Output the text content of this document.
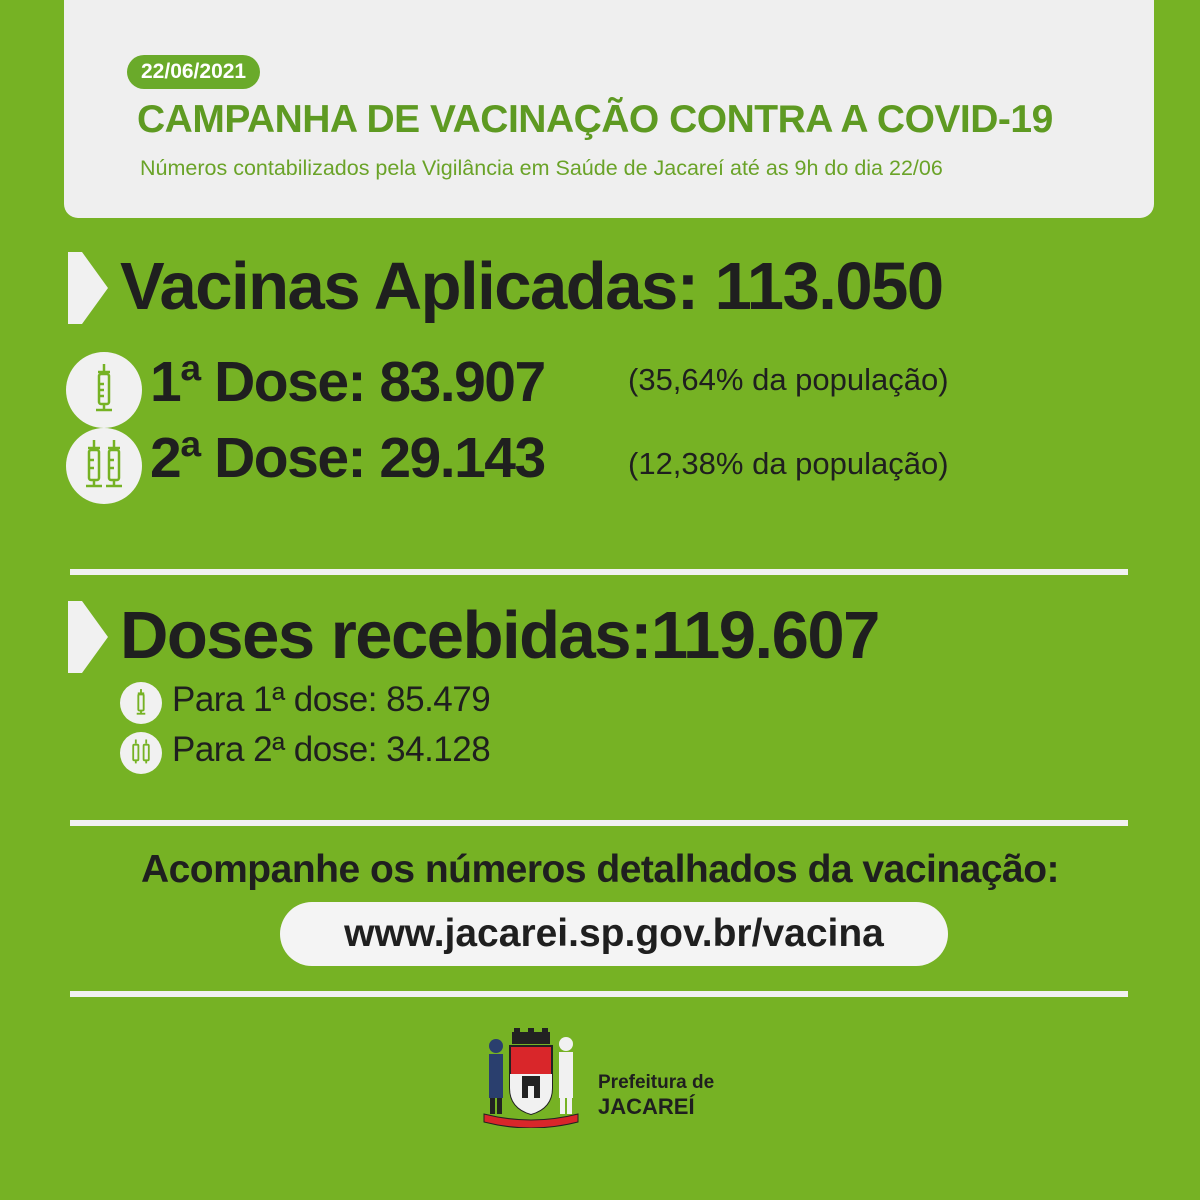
22/06/2021
CAMPANHA DE VACINAÇÃO CONTRA A COVID-19
Números contabilizados pela Vigilância em Saúde de Jacareí até as 9h do dia 22/06
Vacinas Aplicadas: 113.050
1ª Dose: 83.907	(35,64% da população)
2ª Dose: 29.143	(12,38% da população)
Doses recebidas:119.607
Para 1ª dose: 85.479
Para 2ª dose: 34.128
Acompanhe os números detalhados da vacinação:
www.jacarei.sp.gov.br/vacina
Prefeitura de
JACAREÍ
